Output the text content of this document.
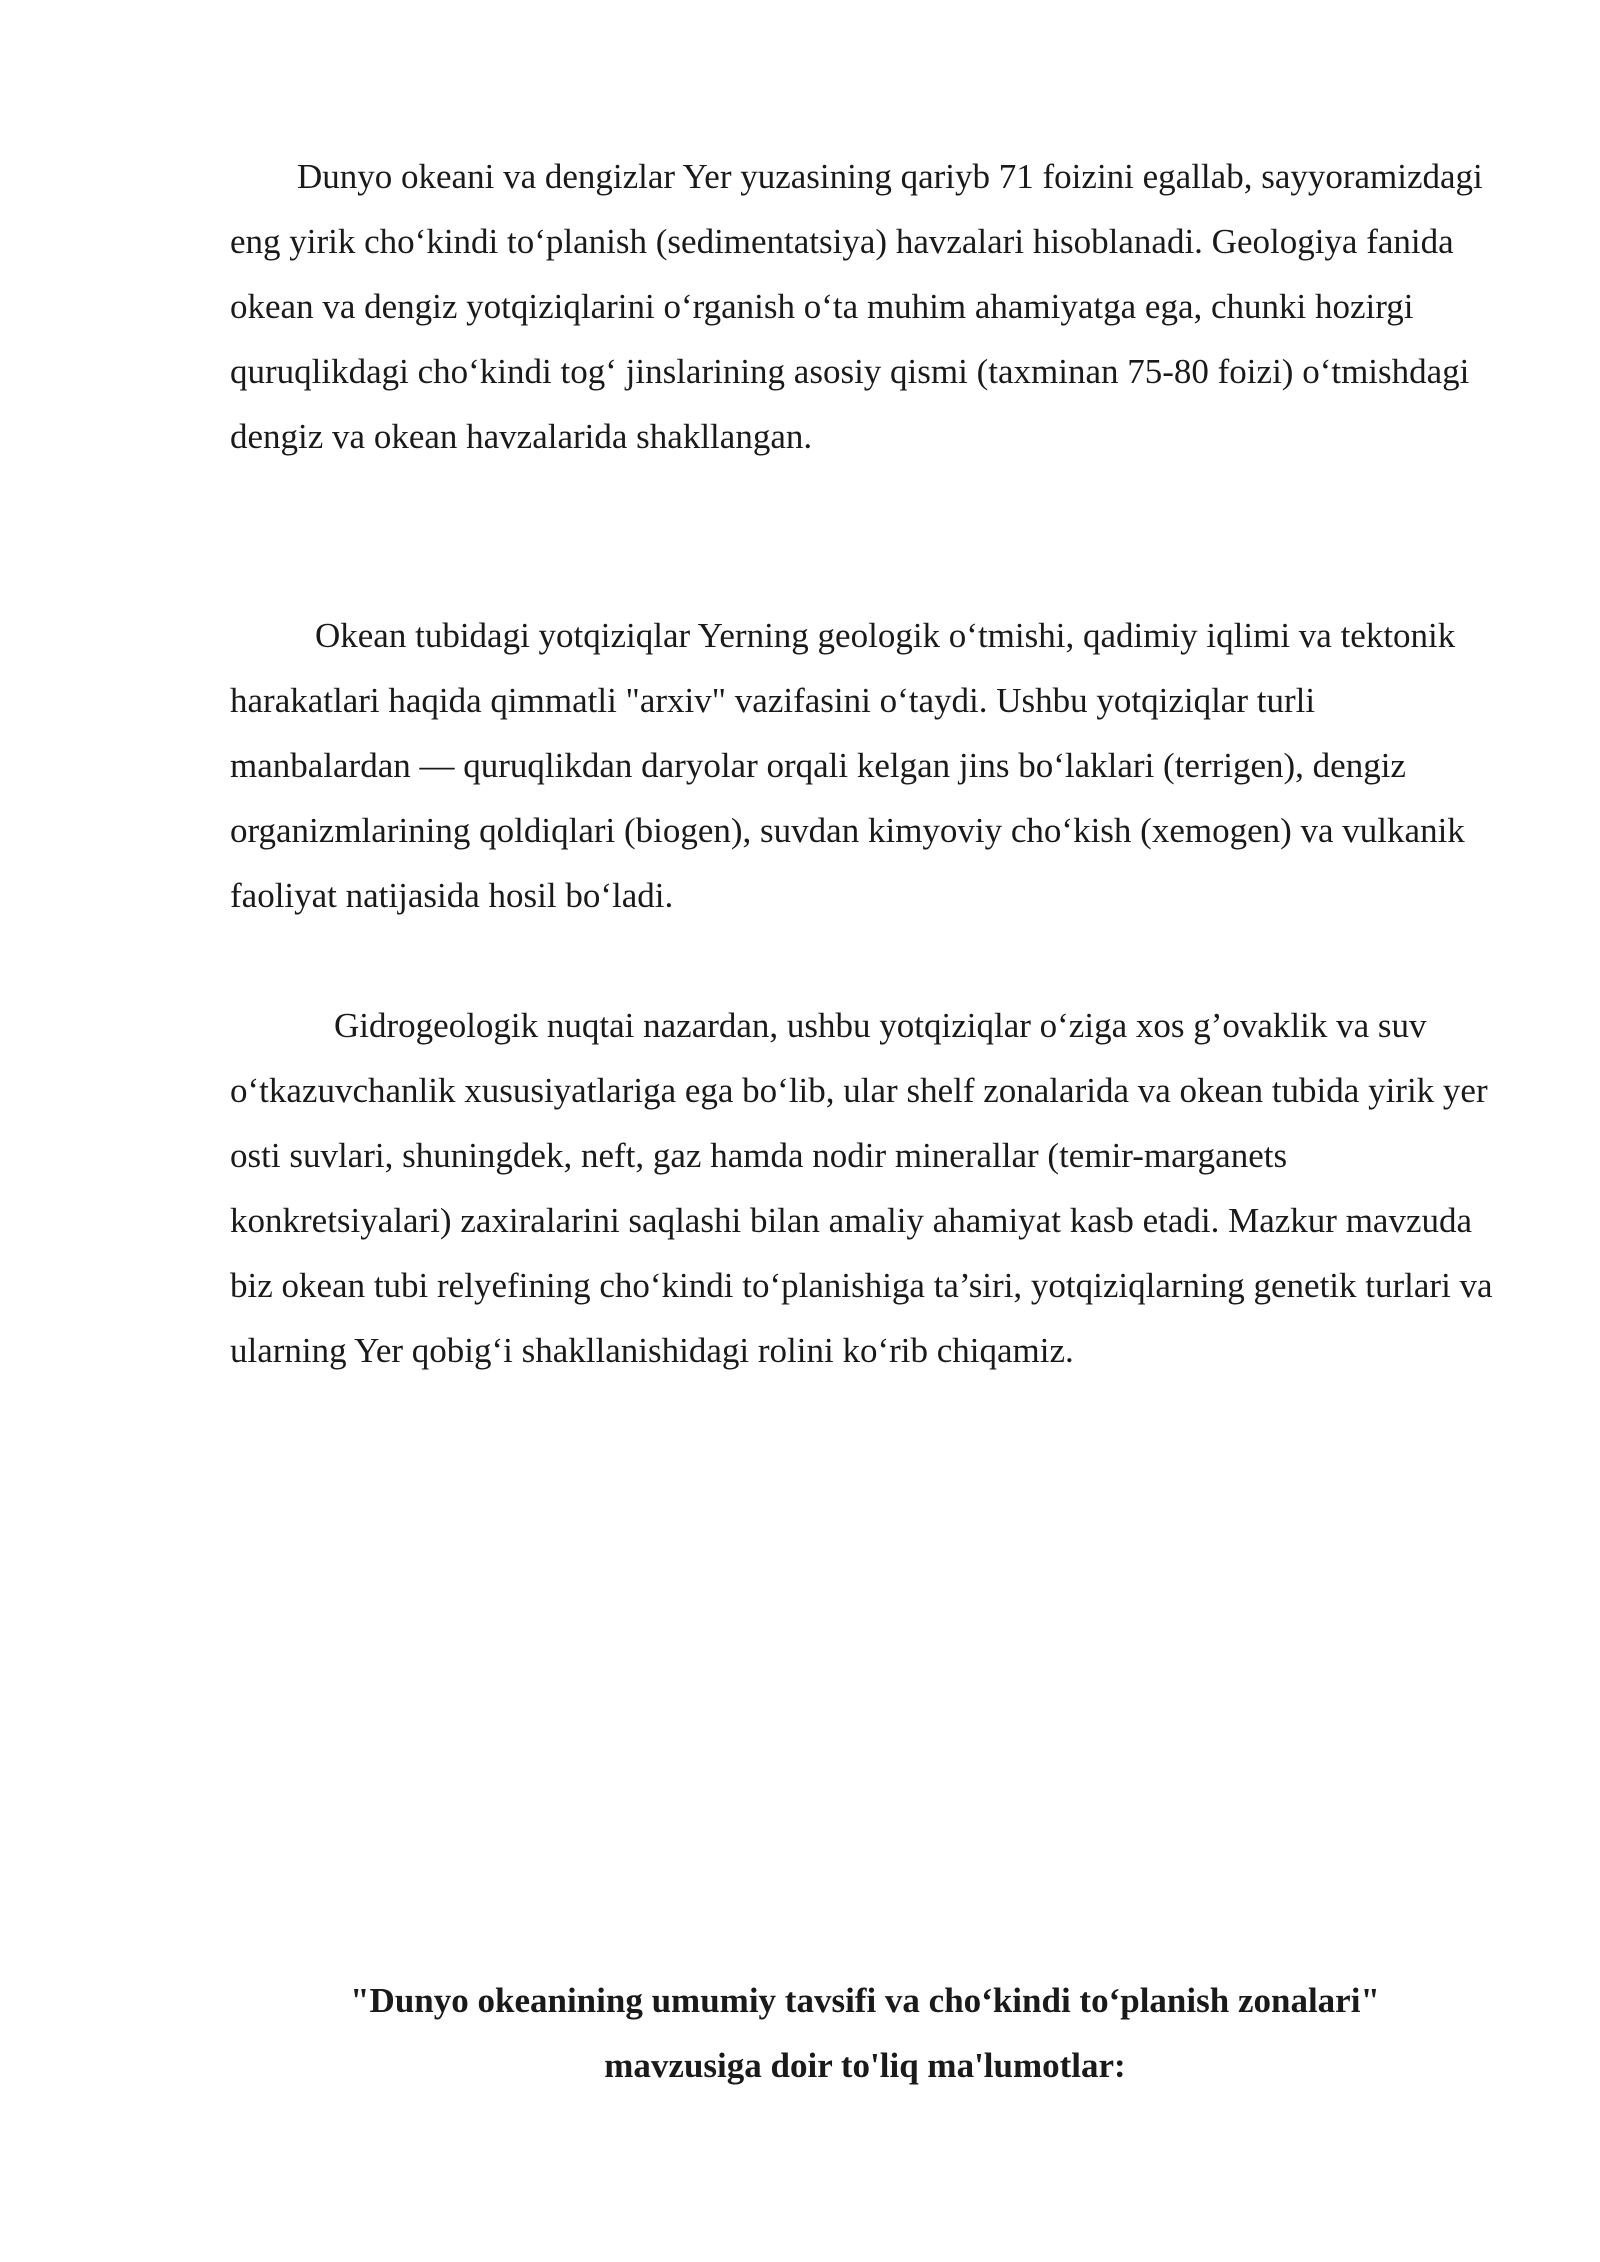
Dunyo okeani va dengizlar Yer yuzasining qariyb 71 foizini egallab, sayyoramizdagi eng yirik cho‘kindi to‘planish (sedimentatsiya) havzalari hisoblanadi. Geologiya fanida okean va dengiz yotqiziqlarini o‘rganish o‘ta muhim ahamiyatga ega, chunki hozirgi quruqlikdagi cho‘kindi tog‘ jinslarining asosiy qismi (taxminan 75-80 foizi) o‘tmishdagi dengiz va okean havzalarida shakllangan.

Okean tubidagi yotqiziqlar Yerning geologik o‘tmishi, qadimiy iqlimi va tektonik harakatlari haqida qimmatli "arxiv" vazifasini o‘taydi. Ushbu yotqiziqlar turli manbalardan — quruqlikdan daryolar orqali kelgan jins bo‘laklari (terrigen), dengiz organizmlarining qoldiqlari (biogen), suvdan kimyoviy cho‘kish (xemogen) va vulkanik faoliyat natijasida hosil bo‘ladi.

Gidrogeologik nuqtai nazardan, ushbu yotqiziqlar o‘ziga xos g’ovaklik va suv o‘tkazuvchanlik xususiyatlariga ega bo‘lib, ular shelf zonalarida va okean tubida yirik yer osti suvlari, shuningdek, neft, gaz hamda nodir minerallar (temir-marganets konkretsiyalari) zaxiralarini saqlashi bilan amaliy ahamiyat kasb etadi. Mazkur mavzuda biz okean tubi relyefining cho‘kindi to‘planishiga ta’siri, yotqiziqlarning genetik turlari va ularning Yer qobig‘i shakllanishidagi rolini ko‘rib chiqamiz.

"Dunyo okeanining umumiy tavsifi va cho‘kindi to‘planish zonalari"
mavzusiga doir to'liq ma'lumotlar:
